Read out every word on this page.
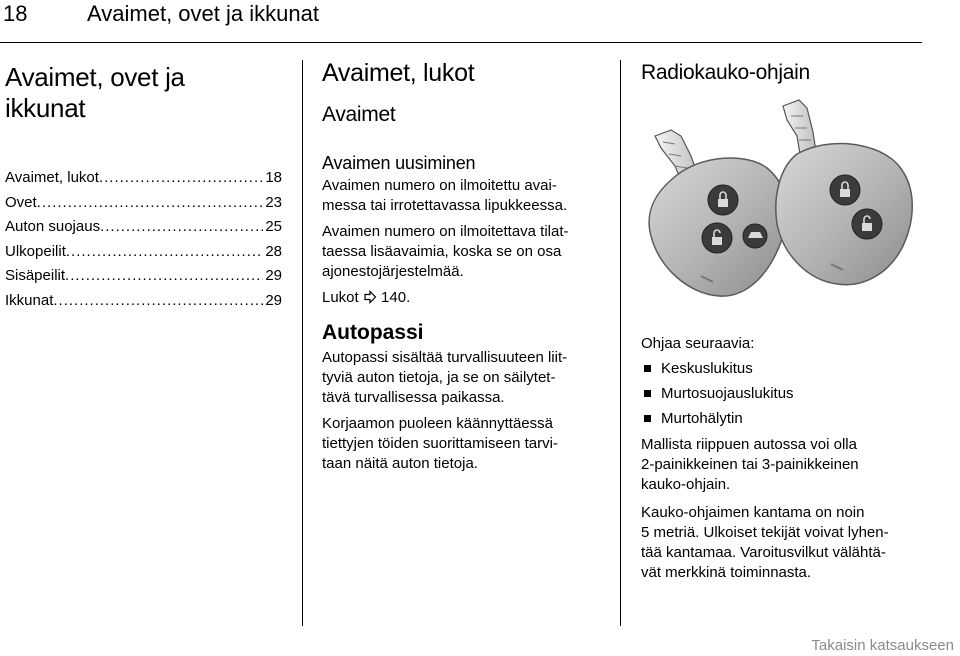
18	Avaimet, ovet ja ikkunat
Avaimet, ovet ja
ikkunat
Avaimet, lukot .....	18
Ovet .....	23
Auton suojaus .....	25
Ulkopeilit .....	28
Sisäpeilit .....	29
Ikkunat .....	29
Avaimet, lukot
Avaimet
Avaimen uusiminen
Avaimen numero on ilmoitettu avai-
messa tai irrotettavassa lipukkeessa.
Avaimen numero on ilmoitettava tilat-
taessa lisäavaimia, koska se on osa
ajonestojärjestelmää.
Lukot 140.
Autopassi
Autopassi sisältää turvallisuuteen liit-
tyviä auton tietoja, ja se on säilytet-
tävä turvallisessa paikassa.
Korjaamon puoleen käännyttäessä
tiettyjen töiden suorittamiseen tarvi-
taan näitä auton tietoja.
Radiokauko-ohjain
Ohjaa seuraavia:
Keskuslukitus
Murtosuojauslukitus
Murtohälytin
Mallista riippuen autossa voi olla
2-painikkeinen tai 3-painikkeinen
kauko-ohjain.
Kauko-ohjaimen kantama on noin
5 metriä. Ulkoiset tekijät voivat lyhen-
tää kantamaa. Varoitusvilkut välähtä-
vät merkkinä toiminnasta.
Takaisin katsaukseen
